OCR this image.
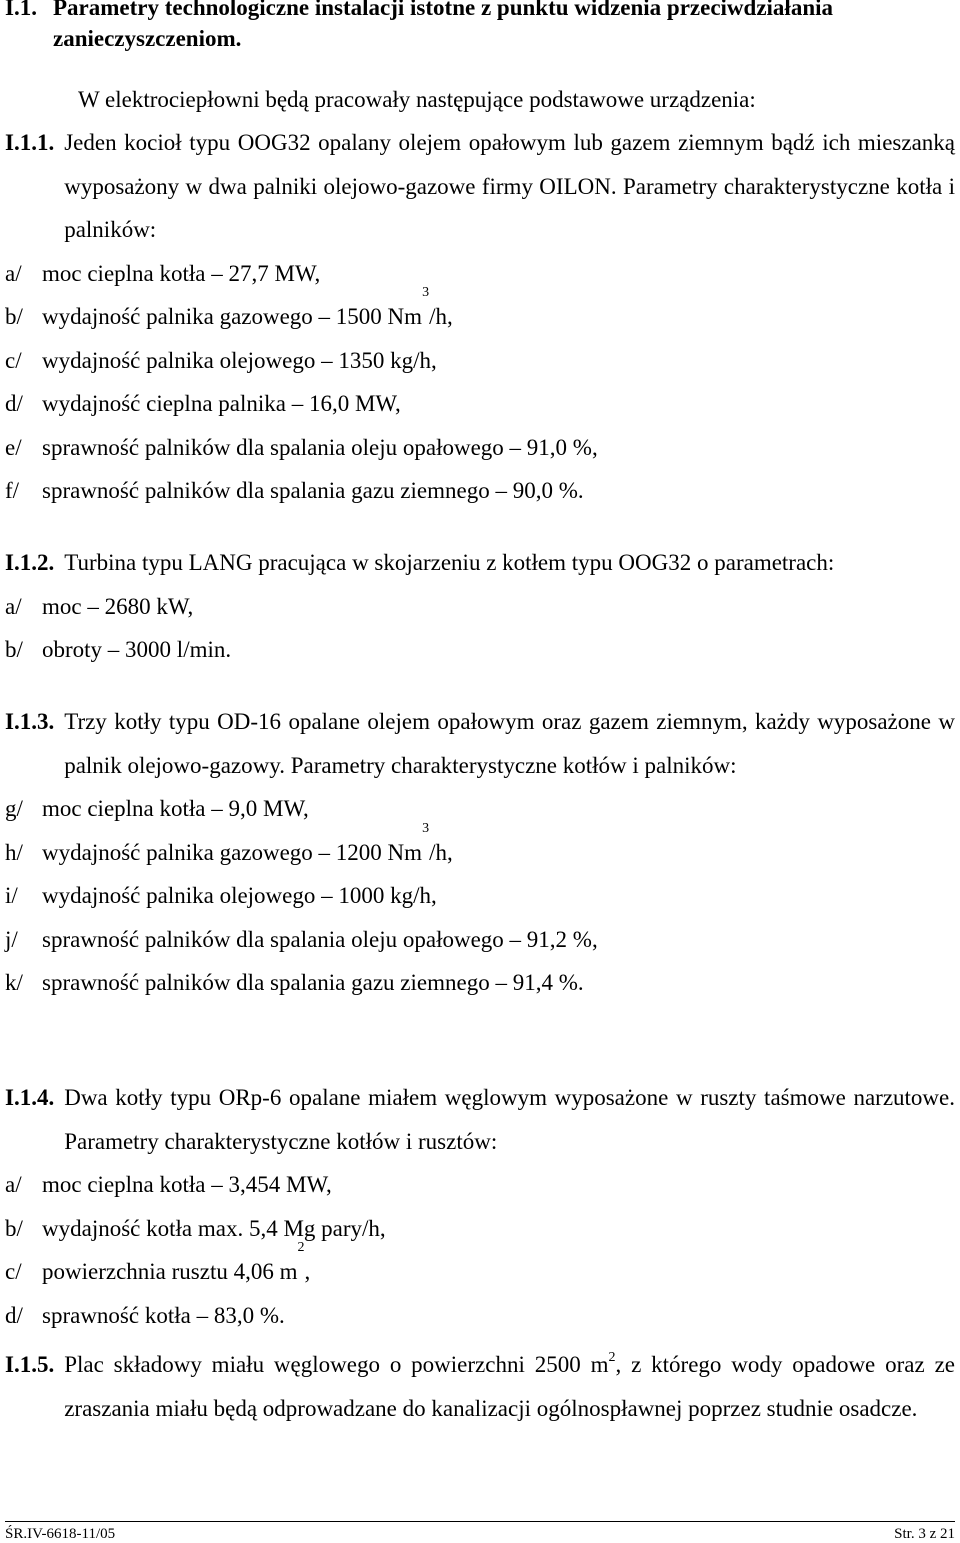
I.1. Parametry technologiczne instalacji istotne z punktu widzenia przeciwdziałania
zanieczyszczeniom.
W elektrociepłowni będą pracowały następujące podstawowe urządzenia:
I.1.1. Jeden kocioł typu OOG32 opalany olejem opałowym lub gazem ziemnym bądź ich mieszanką wyposażony w dwa palniki olejowo-gazowe firmy OILON. Parametry charakterystyczne kotła i palników:
a/ moc cieplna kotła – 27,7 MW,
b/ wydajność palnika gazowego – 1500 Nm
$^3$
/h,
c/ wydajność palnika olejowego – 1350 kg/h,
d/ wydajność cieplna palnika – 16,0 MW,
e/ sprawność palników dla spalania oleju opałowego – 91,0 %,
f/ sprawność palników dla spalania gazu ziemnego – 90,0 %.
I.1.2. Turbina typu LANG pracująca w skojarzeniu z kotłem typu OOG32 o parametrach:
a/ moc – 2680 kW,
b/ obroty – 3000 l/min.
I.1.3. Trzy kotły typu OD-16 opalane olejem opałowym oraz gazem ziemnym, każdy wyposażone w palnik olejowo-gazowy. Parametry charakterystyczne kotłów i palników:
g/ moc cieplna kotła – 9,0 MW,
h/ wydajność palnika gazowego – 1200 Nm
$^3$
/h,
i/	wydajność palnika olejowego – 1000 kg/h,
j/	sprawność palników dla spalania oleju opałowego – 91,2 %,
k/ sprawność palników dla spalania gazu ziemnego – 91,4 %.
I.1.4. Dwa kotły typu ORp-6 opalane miałem węglowym wyposażone w ruszty taśmowe narzutowe. Parametry charakterystyczne kotłów i rusztów:
a/ moc cieplna kotła – 3,454 MW,
b/ wydajność kotła max. 5,4 Mg pary/h,
c/ powierzchnia rusztu 4,06 m
$^2$
,
d/ sprawność kotła – 83,0 %.
I.1.5. Plac składowy miału węglowego o powierzchni 2500 $m^2$, z którego wody opadowe oraz ze zraszania miału będą odprowadzane do kanalizacji ogólnospławnej poprzez studnie osadcze.
ŚR.IV-6618-11/05	Str. 3 z 21
